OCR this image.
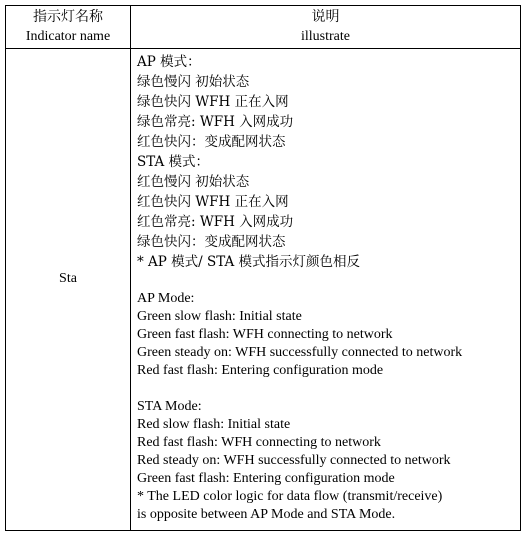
指示灯名称
Indicator name
说明
illustrate
Sta
AP 模式：
绿色慢闪 初始状态
绿色快闪 WFH 正在入网
绿色常亮: WFH 入网成功
红色快闪：变成配网状态
STA 模式：
红色慢闪 初始状态
红色快闪 WFH 正在入网
红色常亮: WFH 入网成功
绿色快闪：变成配网状态
* AP 模式/ STA 模式指示灯颜色相反
AP Mode:
Green slow flash: Initial state
Green fast flash: WFH connecting to network
Green steady on: WFH successfully connected to network
Red fast flash: Entering configuration mode
STA Mode:
Red slow flash: Initial state
Red fast flash: WFH connecting to network
Red steady on: WFH successfully connected to network
Green fast flash: Entering configuration mode
* The LED color logic for data flow (transmit/receive)
is opposite between AP Mode and STA Mode.
